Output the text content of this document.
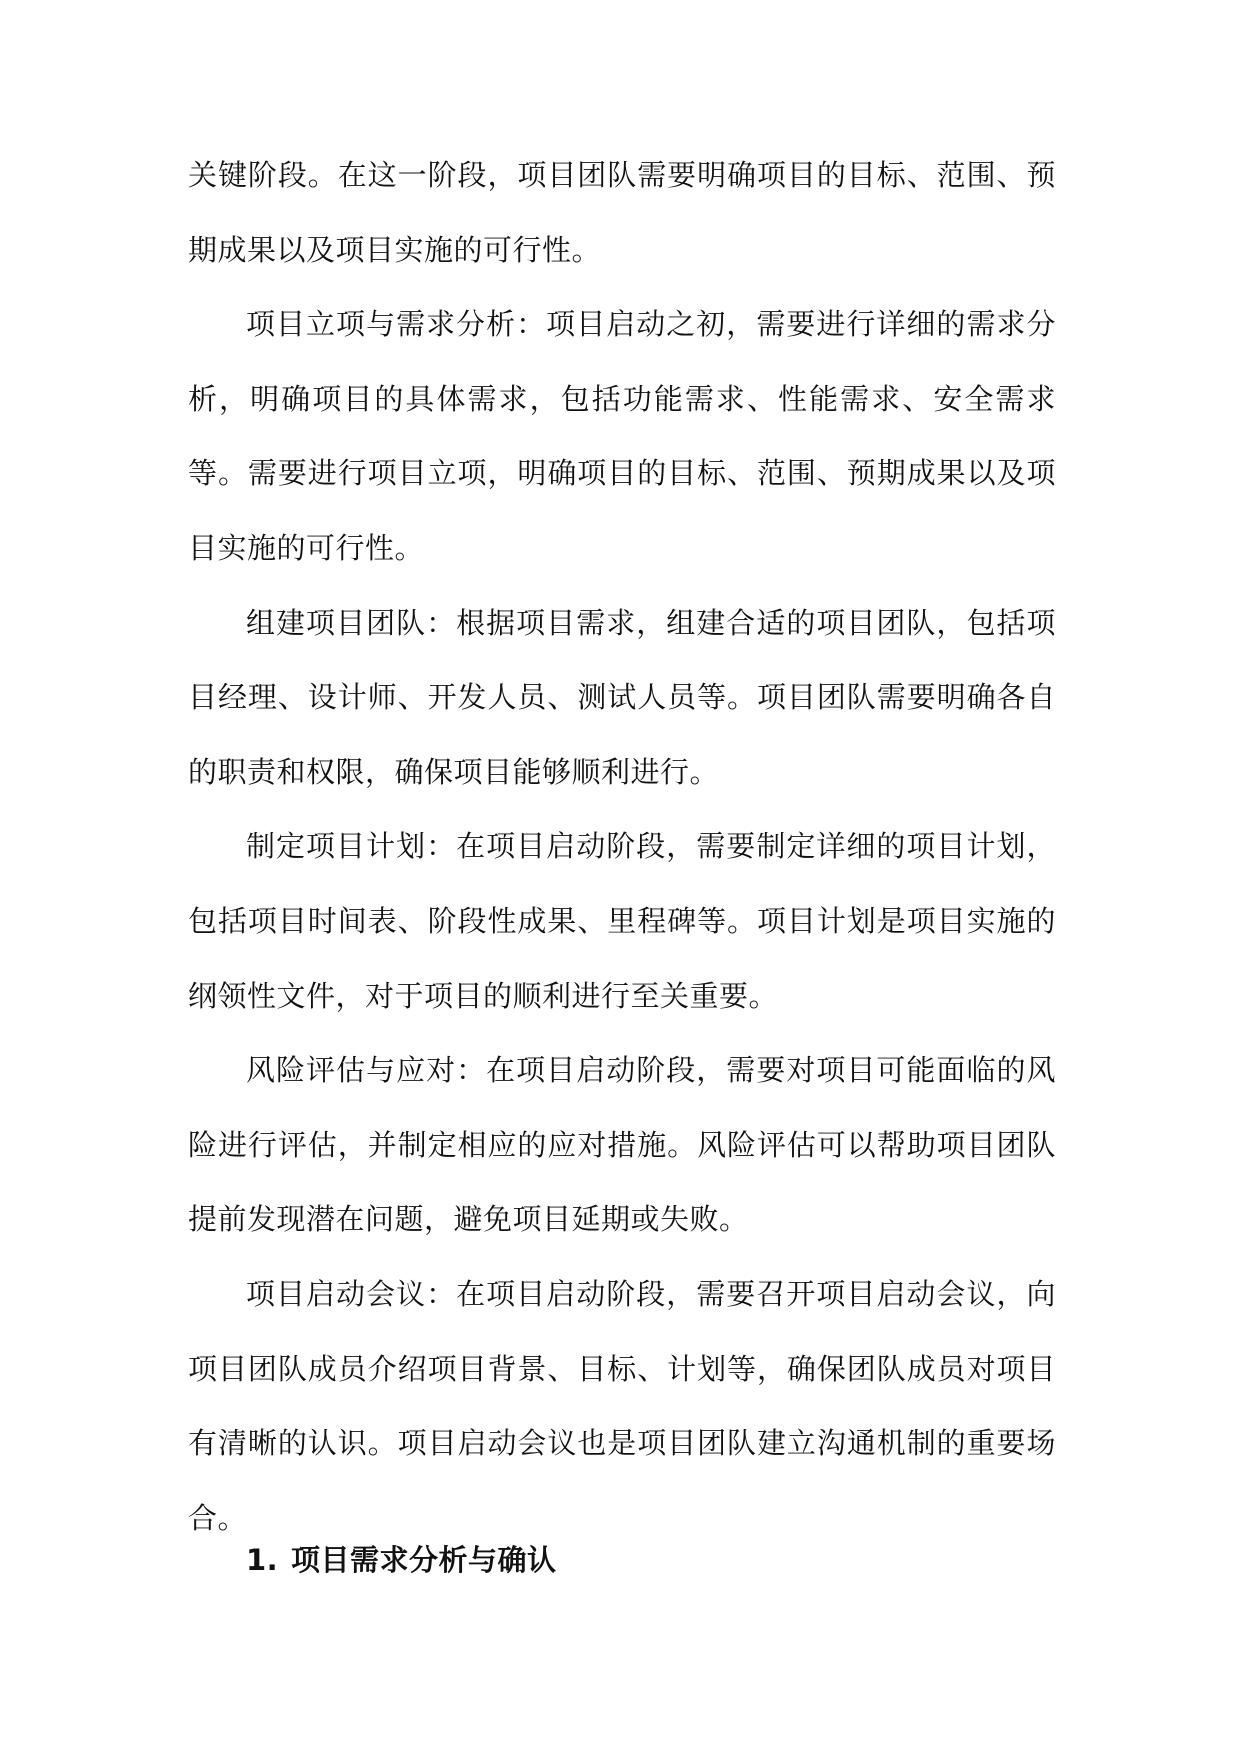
关键阶段。在这一阶段，项目团队需要明确项目的目标、范围、预期成果以及项目实施的可行性。

项目立项与需求分析：项目启动之初，需要进行详细的需求分析，明确项目的具体需求，包括功能需求、性能需求、安全需求等。需要进行项目立项，明确项目的目标、范围、预期成果以及项目实施的可行性。

组建项目团队：根据项目需求，组建合适的项目团队，包括项目经理、设计师、开发人员、测试人员等。项目团队需要明确各自的职责和权限，确保项目能够顺利进行。

制定项目计划：在项目启动阶段，需要制定详细的项目计划，包括项目时间表、阶段性成果、里程碑等。项目计划是项目实施的纲领性文件，对于项目的顺利进行至关重要。

风险评估与应对：在项目启动阶段，需要对项目可能面临的风险进行评估，并制定相应的应对措施。风险评估可以帮助项目团队提前发现潜在问题，避免项目延期或失败。

项目启动会议：在项目启动阶段，需要召开项目启动会议，向项目团队成员介绍项目背景、目标、计划等，确保团队成员对项目有清晰的认识。项目启动会议也是项目团队建立沟通机制的重要场合。

1. 项目需求分析与确认
